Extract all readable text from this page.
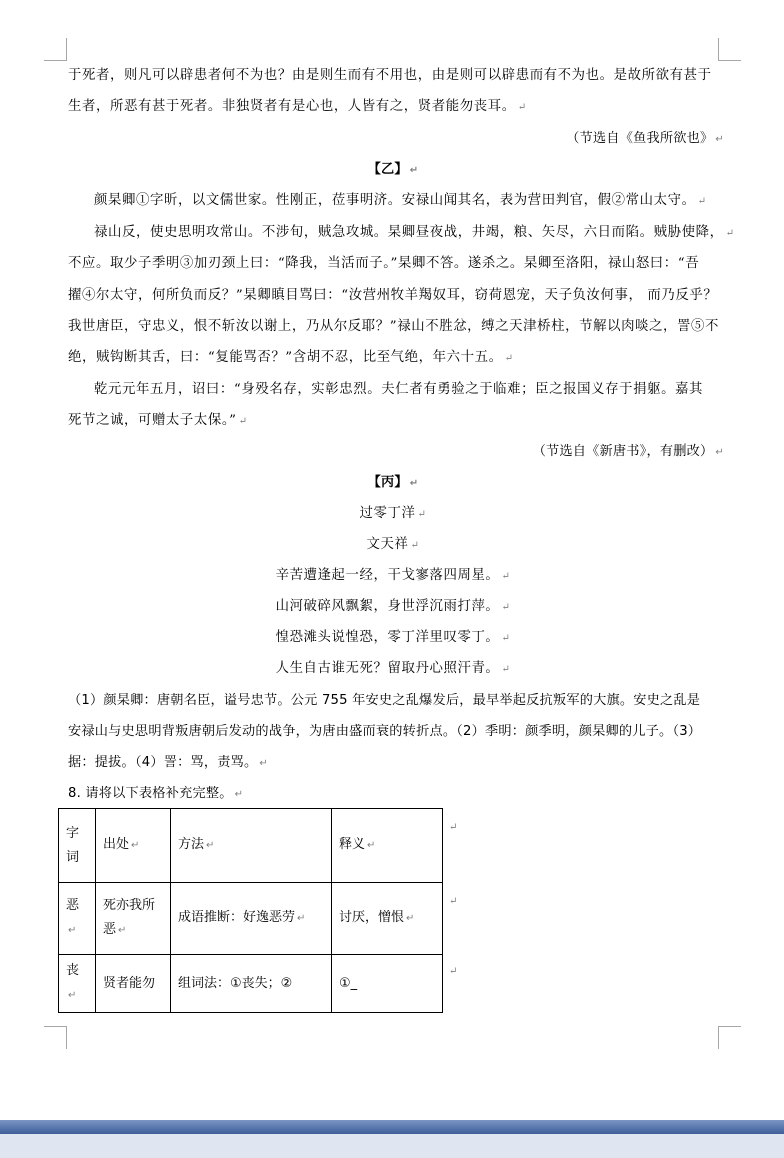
于死者，则凡可以辟患者何不为也？由是则生而有不用也，由是则可以辟患而有不为也。是故所欲有甚于
生者，所恶有甚于死者。非独贤者有是心也，人皆有之，贤者能勿丧耳。 ↵
（节选自《鱼我所欲也》 ↵
【乙】 ↵
颜杲卿①字昕，以文儒世家。性刚正，莅事明济。安禄山闻其名，表为营田判官，假②常山太守。 ↵
禄山反，使史思明攻常山。不涉旬，贼急攻城。杲卿昼夜战，井竭，粮、矢尽，六日而陷。贼胁使降， ↵
不应。取少子季明③加刃颈上曰：“降我，当活而子。”杲卿不答。遂杀之。杲卿至洛阳，禄山怒曰：“吾
擢④尔太守，何所负而反？”杲卿瞋目骂曰：“汝营州牧羊羯奴耳，窃荷恩宠，天子负汝何事， 而乃反乎？
我世唐臣，守忠义，恨不斩汝以谢上，乃从尔反耶？”禄山不胜忿，缚之天津桥柱，节解以肉啖之，詈⑤不
绝，贼钩断其舌，曰：“复能骂否？”含胡不忍，比至气绝，年六十五。 ↵
乾元元年五月，诏曰：“身殁名存，实彰忠烈。夫仁者有勇验之于临难；臣之报国义存于捐躯。嘉其
死节之诚，可赠太子太保。” ↵
（节选自《新唐书》，有删改） ↵
【丙】 ↵
过零丁洋 ↵
文天祥 ↵
辛苦遭逢起一经，干戈寥落四周星。 ↵
山河破碎风飘絮，身世浮沉雨打萍。 ↵
惶恐滩头说惶恐，零丁洋里叹零丁。 ↵
人生自古谁无死？留取丹心照汗青。 ↵
（1）颜杲卿：唐朝名臣，谥号忠节。公元 755 年安史之乱爆发后，最早举起反抗叛军的大旗。安史之乱是
安禄山与史思明背叛唐朝后发动的战争，为唐由盛而衰的转折点。（2）季明：颜季明，颜杲卿的儿子。（3）
据：提拔。（4）詈：骂，责骂。 ↵
8. 请将以下表格补充完整。 ↵
字词	出处 ↵	方法 ↵	释义 ↵
恶↵	死亦我所恶 ↵	成语推断：好逸恶劳 ↵	讨厌，憎恨 ↵
丧↵	贤者能勿	组词法：①丧失；②	①_
↵
↵
↵
